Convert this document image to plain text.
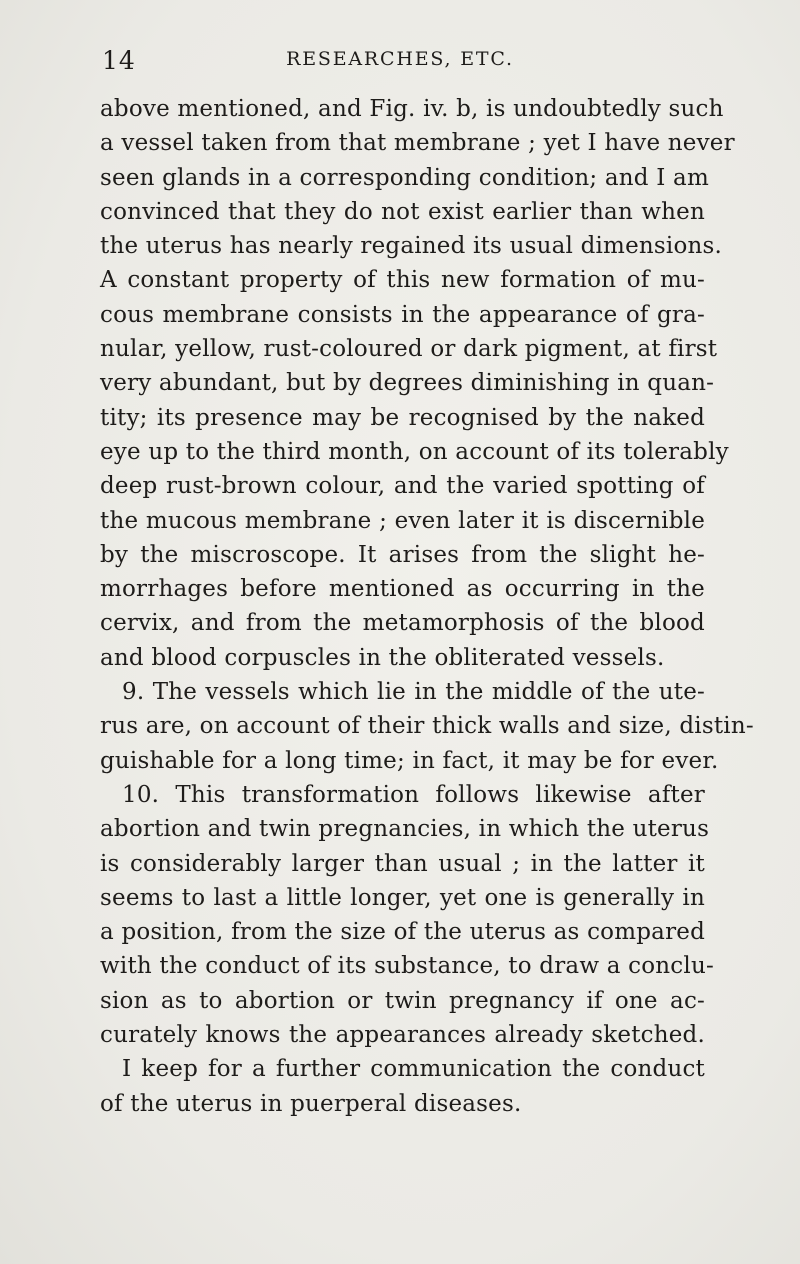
14	RESEARCHES, ETC.
above mentioned, and Fig. iv. b, is undoubtedly such
a vessel taken from that membrane ; yet I have never
seen glands in a corresponding condition; and I am
convinced that they do not exist earlier than when
the uterus has nearly regained its usual dimensions.
A constant property of this new formation of mu-
cous membrane consists in the appearance of gra-
nular, yellow, rust-coloured or dark pigment, at first
very abundant, but by degrees diminishing in quan-
tity; its presence may be recognised by the naked
eye up to the third month, on account of its tolerably
deep rust-brown colour, and the varied spotting of
the mucous membrane ; even later it is discernible
by the miscroscope. It arises from the slight he-
morrhages before mentioned as occurring in the
cervix, and from the metamorphosis of the blood
and blood corpuscles in the obliterated vessels.
9. The vessels which lie in the middle of the ute-
rus are, on account of their thick walls and size, distin-
guishable for a long time; in fact, it may be for ever.
10. This transformation follows likewise after
abortion and twin pregnancies, in which the uterus
is considerably larger than usual ; in the latter it
seems to last a little longer, yet one is generally in
a position, from the size of the uterus as compared
with the conduct of its substance, to draw a conclu-
sion as to abortion or twin pregnancy if one ac-
curately knows the appearances already sketched.
I keep for a further communication the conduct
of the uterus in puerperal diseases.
